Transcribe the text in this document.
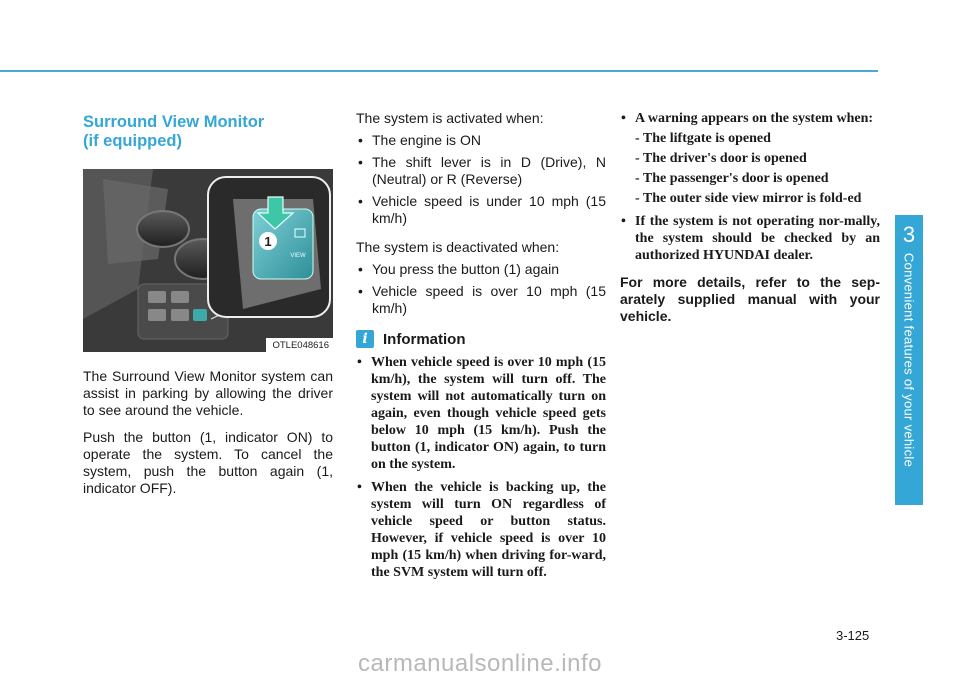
3
Convenient features of your vehicle
Surround View Monitor
(if equipped)
1
VIEW
OTLE048616

The Surround View Monitor system can assist in parking by allowing the driver to see around the vehicle.

Push the button (1, indicator ON) to operate the system. To cancel the system, push the button again (1, indicator OFF).

The system is activated when:

• The engine is ON
• The shift lever is in D (Drive), N (Neutral) or R (Reverse)
• Vehicle speed is under 10 mph (15 km/h)

The system is deactivated when:

• You press the button (1) again
• Vehicle speed is over 10 mph (15 km/h)
i	Information
• When vehicle speed is over 10 mph (15 km/h), the system will turn off. The system will not automatically turn on again, even though vehicle speed gets below 10 mph (15 km/h). Push the button (1, indicator ON) again, to turn on the system.
• When the vehicle is backing up, the system will turn ON regardless of vehicle speed or button status. However, if vehicle speed is over 10 mph (15 km/h) when driving for-ward, the SVM system will turn off.
• A warning appears on the system when:
- The liftgate is opened
- The driver's door is opened
- The passenger's door is opened
- The outer side view mirror is fold-ed
• If the system is not operating nor-mally, the system should be checked by an authorized HYUNDAI dealer.

For more details, refer to the sep-arately supplied manual with your vehicle.

3-125
carmanualsonline.info
